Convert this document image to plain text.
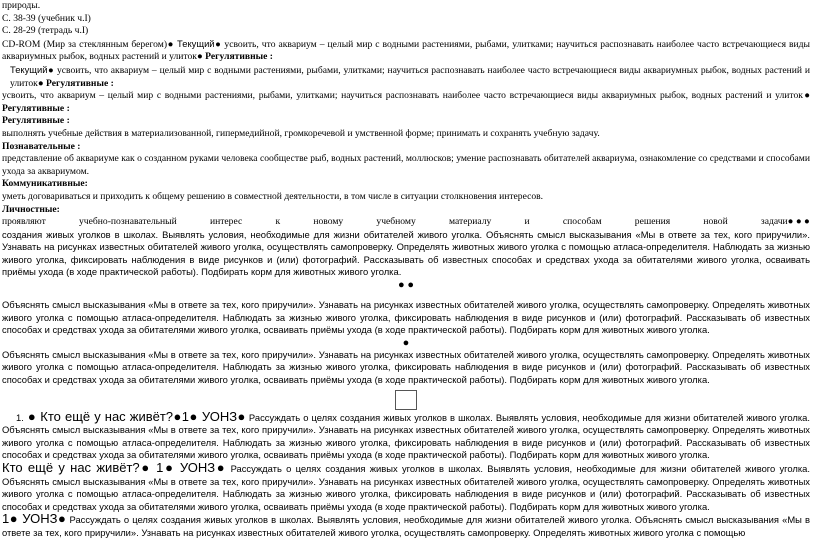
природы.

С. 38-39 (учебник ч.I)

С. 28-29 (тетрадь ч.I)

CD-ROM (Мир за стеклянным берегом)● Текущий● усвоить, что аквариум – целый мир с водными растениями, рыбами, улитками; научиться распознавать наиболее часто встречающиеся виды аквариумных рыбок, водных растений и улиток● Регулятивные :

Текущий● усвоить, что аквариум – целый мир с водными растениями, рыбами, улитками; научиться распознавать наиболее часто встречающиеся виды аквариумных рыбок, водных растений и улиток● Регулятивные :

усвоить, что аквариум – целый мир с водными растениями, рыбами, улитками; научиться распознавать наиболее часто встречающиеся виды аквариумных рыбок, водных растений и улиток● Регулятивные :

Регулятивные :

выполнять учебные действия в материализованной, гипермедийной, громкоречевой и умственной форме; принимать и сохранять учебную задачу.

Познавательные :

представление об аквариуме как о созданном руками человека сообществе рыб, водных растений, моллюсков; умение распознавать обитателей аквариума, ознакомление со средствами и способами ухода за аквариумом.

Коммуникативные:

уметь договариваться и приходить к общему решению в совместной деятельности, в том числе в ситуации столкновения интересов.

Личностные:

проявляют	учебно-познавательный	интерес	к	новому	учебному	материалу	и	способам	решения	новой	задачи● ● ●

создания живых уголков в школах. Выявлять условия, необходимые для жизни обитателей живого уголка. Объяснять смысл высказывания «Мы в ответе за тех, кого приручили». Узнавать на рисунках известных обитателей живого уголка, осуществлять самопроверку. Определять животных живого уголка с помощью атласа-определителя. Наблюдать за жизнью живого уголка, фиксировать наблюдения в виде рисунков и (или) фотографий. Рассказывать об известных способах и средствах ухода за обитателями живого уголка, осваивать приёмы ухода (в ходе практической работы). Подбирать корм для животных живого уголка.

● ●

Объяснять смысл высказывания «Мы в ответе за тех, кого приручили». Узнавать на рисунках известных обитателей живого уголка, осуществлять самопроверку. Определять животных живого уголка с помощью атласа-определителя. Наблюдать за жизнью живого уголка, фиксировать наблюдения в виде рисунков и (или) фотографий. Рассказывать об известных способах и средствах ухода за обитателями живого уголка, осваивать приёмы ухода (в ходе практической работы). Подбирать корм для животных живого уголка.

●

Объяснять смысл высказывания «Мы в ответе за тех, кого приручили». Узнавать на рисунках известных обитателей живого уголка, осуществлять самопроверку. Определять животных живого уголка с помощью атласа-определителя. Наблюдать за жизнью живого уголка, фиксировать наблюдения в виде рисунков и (или) фотографий. Рассказывать об известных способах и средствах ухода за обитателями живого уголка, осваивать приёмы ухода (в ходе практической работы). Подбирать корм для животных живого уголка.

1. ● Кто ещё у нас живёт?●1● УОНЗ● Рассуждать о целях создания живых уголков в школах. Выявлять условия, необходимые для жизни обитателей живого уголка. Объяснять смысл высказывания «Мы в ответе за тех, кого приручили». Узнавать на рисунках известных обитателей живого уголка, осуществлять самопроверку. Определять животных живого уголка с помощью атласа-определителя. Наблюдать за жизнью живого уголка, фиксировать наблюдения в виде рисунков и (или) фотографий. Рассказывать об известных способах и средствах ухода за обитателями живого уголка, осваивать приёмы ухода (в ходе практической работы). Подбирать корм для животных живого уголка.

Кто ещё у нас живёт?● 1● УОНЗ● Рассуждать о целях создания живых уголков в школах. Выявлять условия, необходимые для жизни обитателей живого уголка. Объяснять смысл высказывания «Мы в ответе за тех, кого приручили». Узнавать на рисунках известных обитателей живого уголка, осуществлять самопроверку. Определять животных живого уголка с помощью атласа-определителя. Наблюдать за жизнью живого уголка, фиксировать наблюдения в виде рисунков и (или) фотографий. Рассказывать об известных способах и средствах ухода за обитателями живого уголка, осваивать приёмы ухода (в ходе практической работы). Подбирать корм для животных живого уголка.

1● УОНЗ● Рассуждать о целях создания живых уголков в школах. Выявлять условия, необходимые для жизни обитателей живого уголка. Объяснять смысл высказывания «Мы в ответе за тех, кого приручили». Узнавать на рисунках известных обитателей живого уголка, осуществлять самопроверку. Определять животных живого уголка с помощью
